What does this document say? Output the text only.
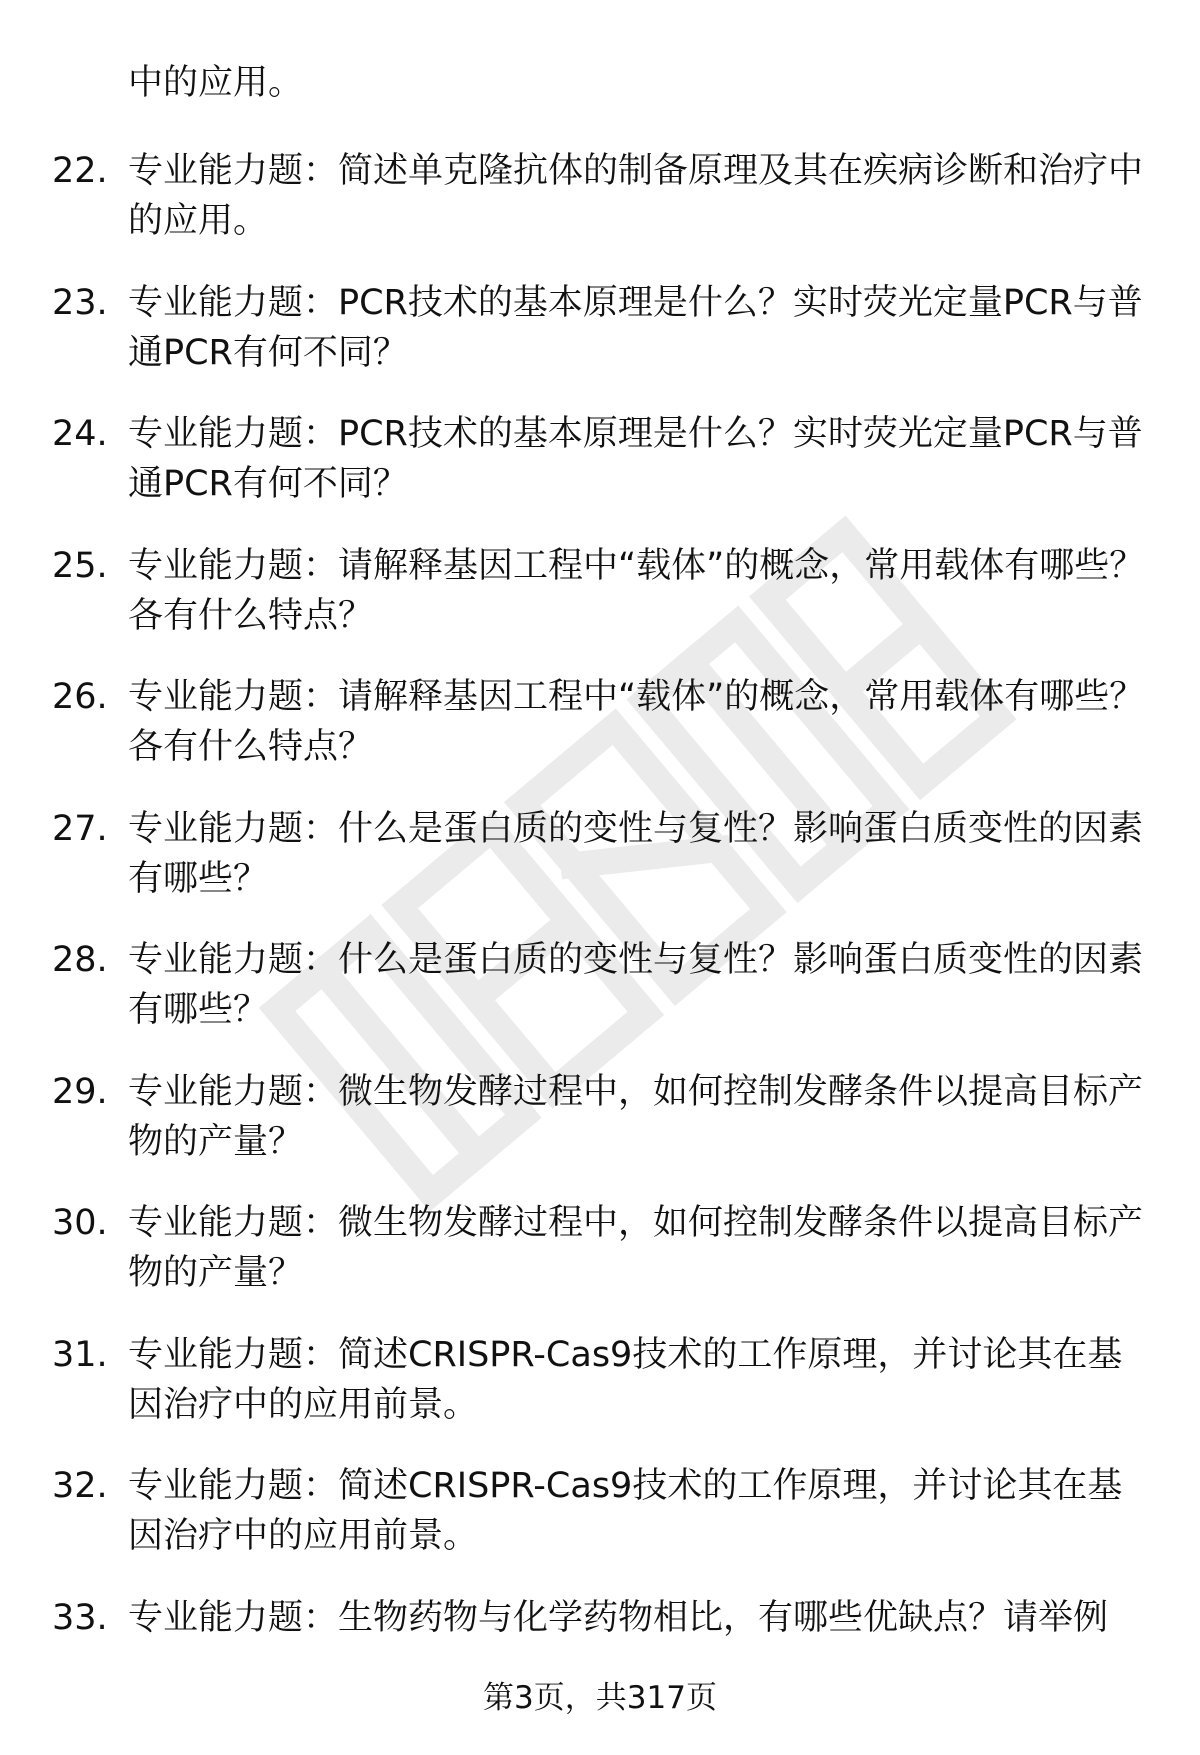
中的应用。
22. 专业能力题：简述单克隆抗体的制备原理及其在疾病诊断和治疗中的应用。
23. 专业能力题：PCR技术的基本原理是什么？实时荧光定量PCR与普通PCR有何不同？
24. 专业能力题：PCR技术的基本原理是什么？实时荧光定量PCR与普通PCR有何不同？
25. 专业能力题：请解释基因工程中“载体”的概念，常用载体有哪些？各有什么特点？
26. 专业能力题：请解释基因工程中“载体”的概念，常用载体有哪些？各有什么特点？
27. 专业能力题：什么是蛋白质的变性与复性？影响蛋白质变性的因素有哪些？
28. 专业能力题：什么是蛋白质的变性与复性？影响蛋白质变性的因素有哪些？
29. 专业能力题：微生物发酵过程中，如何控制发酵条件以提高目标产物的产量？
30. 专业能力题：微生物发酵过程中，如何控制发酵条件以提高目标产物的产量？
31. 专业能力题：简述CRISPR-Cas9技术的工作原理，并讨论其在基因治疗中的应用前景。
32. 专业能力题：简述CRISPR-Cas9技术的工作原理，并讨论其在基因治疗中的应用前景。
33. 专业能力题：生物药物与化学药物相比，有哪些优缺点？请举例
第3页，共317页
